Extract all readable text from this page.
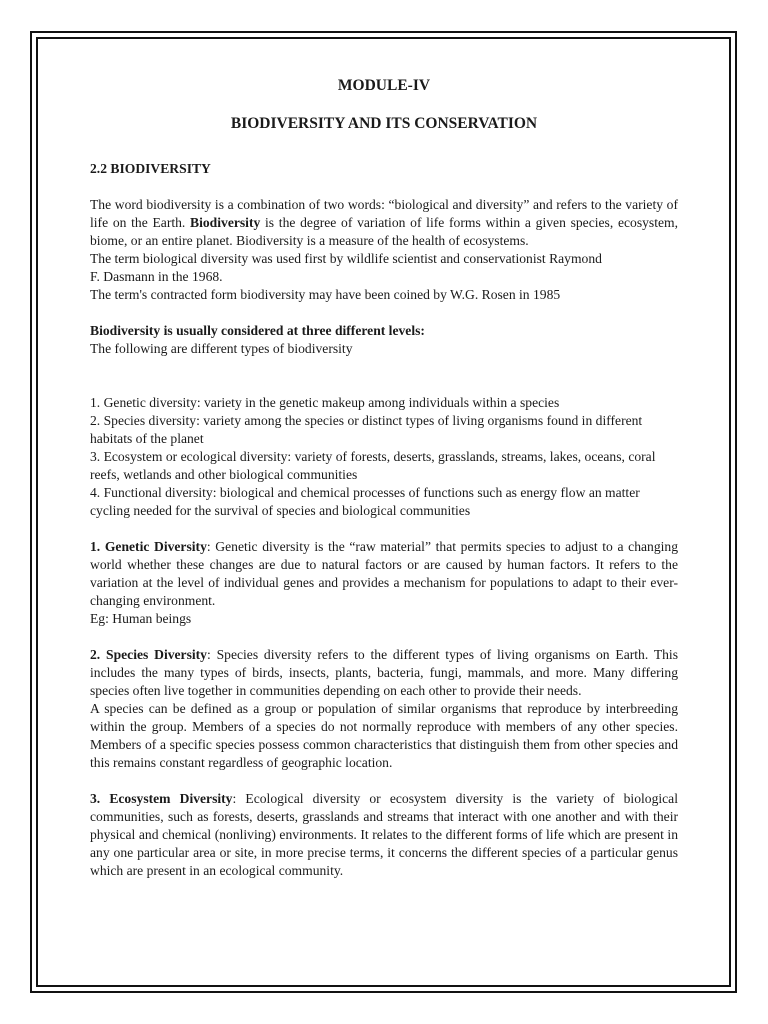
MODULE-IV
BIODIVERSITY AND ITS CONSERVATION
2.2 BIODIVERSITY

The word biodiversity is a combination of two words: “biological and diversity” and refers to the variety of life on the Earth. Biodiversity is the degree of variation of life forms within a given species, ecosystem, biome, or an entire planet. Biodiversity is a measure of the health of ecosystems.

The term biological diversity was used first by wildlife scientist and conservationist Raymond

F. Dasmann in the 1968.

The term's contracted form biodiversity may have been coined by W.G. Rosen in 1985

Biodiversity is usually considered at three different levels:

The following are different types of biodiversity

1. Genetic diversity: variety in the genetic makeup among individuals within a species

2. Species diversity: variety among the species or distinct types of living organisms found in different habitats of the planet

3. Ecosystem or ecological diversity: variety of forests, deserts, grasslands, streams, lakes, oceans, coral reefs, wetlands and other biological communities

4. Functional diversity: biological and chemical processes of functions such as energy flow an matter cycling needed for the survival of species and biological communities

1. Genetic Diversity: Genetic diversity is the “raw material” that permits species to adjust to a changing world whether these changes are due to natural factors or are caused by human factors. It refers to the variation at the level of individual genes and provides a mechanism for populations to adapt to their ever-changing environment.

Eg: Human beings

2. Species Diversity: Species diversity refers to the different types of living organisms on Earth. This includes the many types of birds, insects, plants, bacteria, fungi, mammals, and more. Many differing species often live together in communities depending on each other to provide their needs.

A species can be defined as a group or population of similar organisms that reproduce by interbreeding within the group. Members of a species do not normally reproduce with members of any other species. Members of a specific species possess common characteristics that distinguish them from other species and this remains constant regardless of geographic location.

3. Ecosystem Diversity: Ecological diversity or ecosystem diversity is the variety of biological communities, such as forests, deserts, grasslands and streams that interact with one another and with their physical and chemical (nonliving) environments. It relates to the different forms of life which are present in any one particular area or site, in more precise terms, it concerns the different species of a particular genus which are present in an ecological community.
